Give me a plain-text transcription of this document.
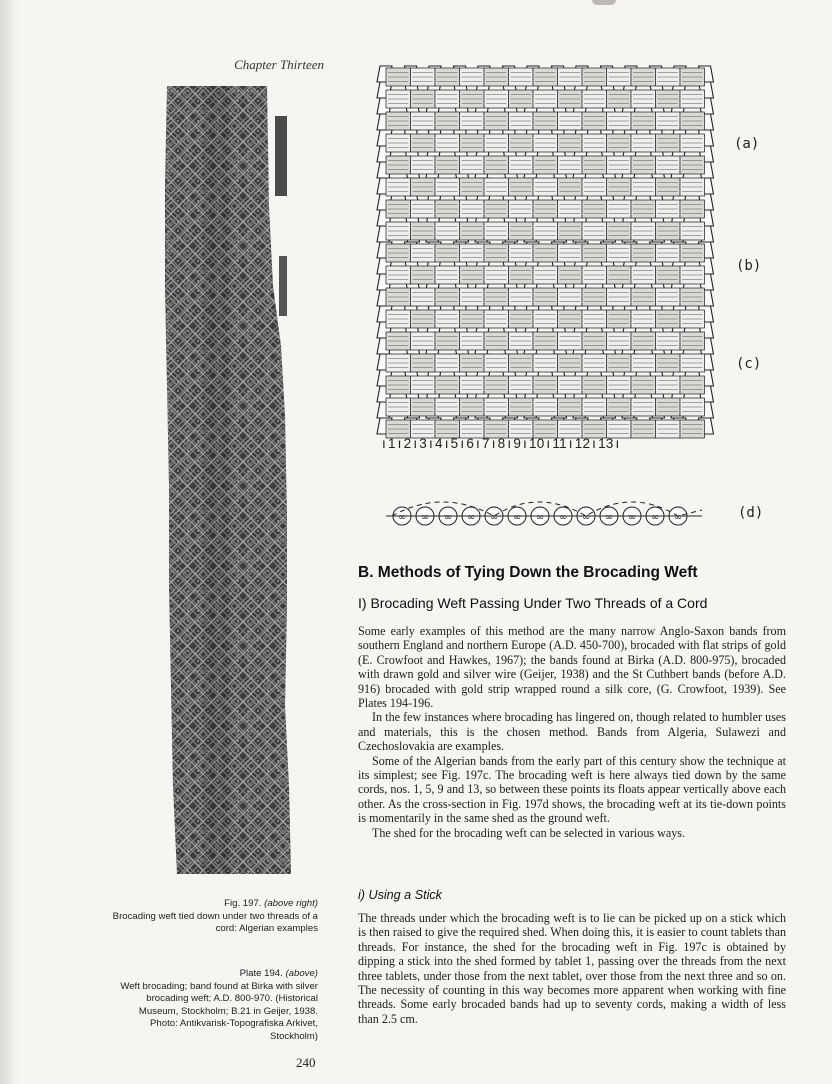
Chapter Thirteen
Fig. 197. (above right)
Brocading weft tied down under two threads of a cord: Algerian examples
Plate 194. (above)
Weft brocading; band found at Birka with silver brocading weft; A.D. 800-970. (Historical Museum, Stockholm; B.21 in Geijer, 1938. Photo: Antikvarisk-Topografiska Arkivet, Stockholm)
∞ ∞ ∞ ∞ ∞ ∞ ∞ ∞ ∞ ∞ ∞ ∞ ∞
(a)
(b)
(c)
(d)
ı 1 ı 2 ı 3 ı 4 ı 5 ı 6 ı 7 ı 8 ı 9 ı 10 ı 11 ı 12 ı 13 ı
B. Methods of Tying Down the Brocading Weft
I) Brocading Weft Passing Under Two Threads of a Cord

Some early examples of this method are the many narrow Anglo-Saxon bands from southern England and northern Europe (A.D. 450-700), brocaded with flat strips of gold (E. Crowfoot and Hawkes, 1967); the bands found at Birka (A.D. 800-975), brocaded with drawn gold and silver wire (Geijer, 1938) and the St Cuthbert bands (before A.D. 916) brocaded with gold strip wrapped round a silk core, (G. Crowfoot, 1939). See Plates 194-196.

In the few instances where brocading has lingered on, though related to humbler uses and materials, this is the chosen method. Bands from Algeria, Sulawezi and Czechoslovakia are examples.

Some of the Algerian bands from the early part of this century show the technique at its simplest; see Fig. 197c. The brocading weft is here always tied down by the same cords, nos. 1, 5, 9 and 13, so between these points its floats appear vertically above each other. As the cross-section in Fig. 197d shows, the brocading weft at its tie-down points is momentarily in the same shed as the ground weft.

The shed for the brocading weft can be selected in various ways.

i) Using a Stick

The threads under which the brocading weft is to lie can be picked up on a stick which is then raised to give the required shed. When doing this, it is easier to count tablets than threads. For instance, the shed for the brocading weft in Fig. 197c is obtained by dipping a stick into the shed formed by tablet 1, passing over the threads from the next three tablets, under those from the next tablet, over those from the next three and so on. The necessity of counting in this way becomes more apparent when working with fine threads. Some early brocaded bands had up to seventy cords, making a width of less than 2.5 cm.

240
